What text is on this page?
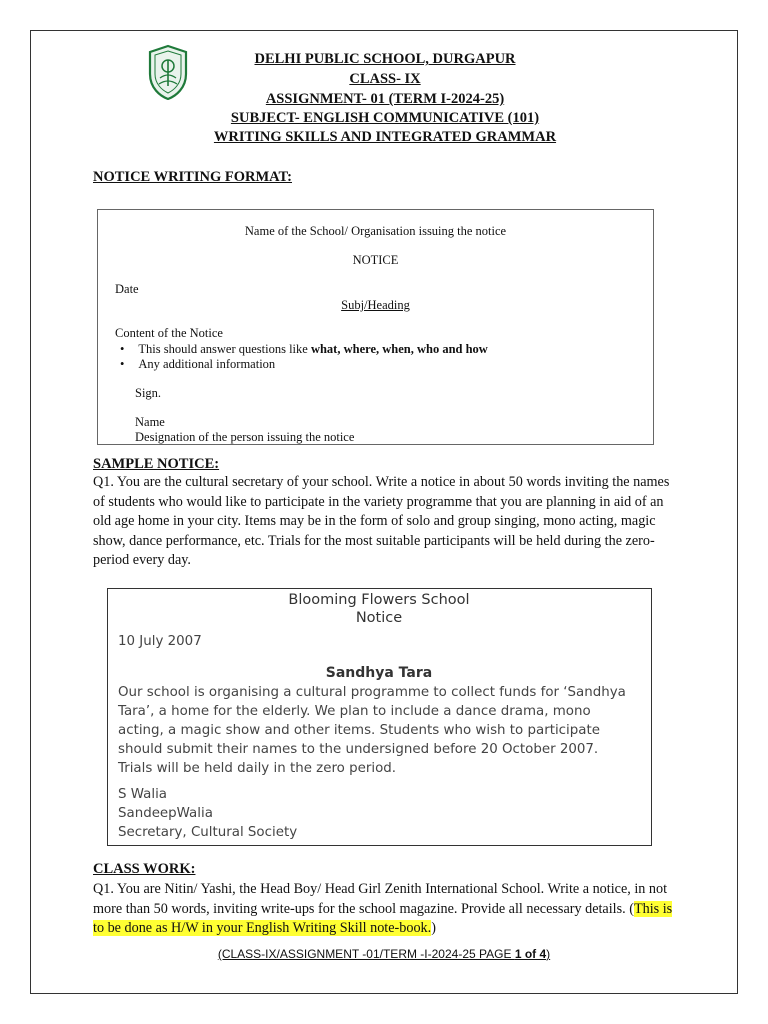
DELHI PUBLIC SCHOOL, DURGAPUR
CLASS- IX
ASSIGNMENT- 01 (TERM I-2024-25)
SUBJECT- ENGLISH COMMUNICATIVE (101)
WRITING SKILLS AND INTEGRATED GRAMMAR
NOTICE WRITING FORMAT:
Name of the School/ Organisation issuing the notice
NOTICE
Date
Subj/Heading
Content of the Notice
• This should answer questions like what, where, when, who and how
• Any additional information
Sign.
Name
Designation of the person issuing the notice
SAMPLE NOTICE:
Q1. You are the cultural secretary of your school. Write a notice in about 50 words inviting the names of students who would like to participate in the variety programme that you are planning in aid of an old age home in your city. Items may be in the form of solo and group singing, mono acting, magic show, dance performance, etc. Trials for the most suitable participants will be held during the zero-period every day.
Blooming Flowers School
Notice
10 July 2007
Sandhya Tara
Our school is organising a cultural programme to collect funds for ‘Sandhya
Tara’, a home for the elderly. We plan to include a dance drama, mono
acting, a magic show and other items. Students who wish to participate
should submit their names to the undersigned before 20 October 2007.
Trials will be held daily in the zero period.
S Walia
SandeepWalia
Secretary, Cultural Society
CLASS WORK:
Q1. You are Nitin/ Yashi, the Head Boy/ Head Girl Zenith International School. Write a notice, in not more than 50 words, inviting write-ups for the school magazine. Provide all necessary details. (This is to be done as H/W in your English Writing Skill note-book.)
(CLASS-IX/ASSIGNMENT -01/TERM -I-2024-25 PAGE 1 of 4)
